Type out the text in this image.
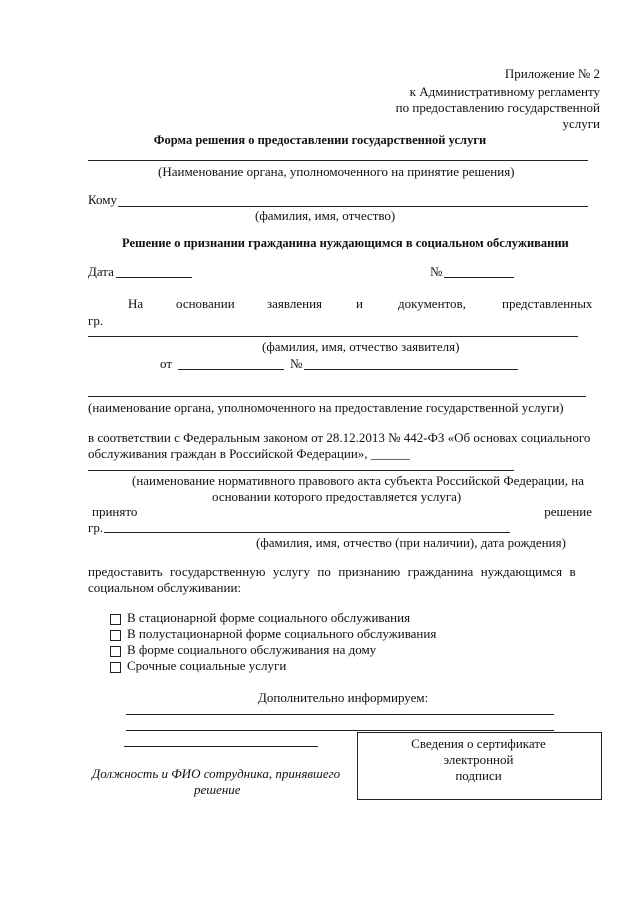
Приложение № 2
к Административному регламенту
по предоставлению государственной
услуги
Форма решения о предоставлении государственной услуги
(Наименование органа, уполномоченного на принятие решения)
Кому
(фамилия, имя, отчество)
Решение о признании гражданина нуждающимся в социальном обслуживании
Дата	№
На	основании заявления	и	документов,	представленных
гр.
(фамилия, имя, отчество заявителя)
от	№
(наименование органа, уполномоченного на предоставление государственной услуги)
в соответствии с Федеральным законом от 28.12.2013 № 442-ФЗ «Об основах социального
обслуживания граждан в Российской Федерации», ______
(наименование нормативного правового акта субъекта Российской Федерации, на
основании которого предоставляется услуга)
принято	решение
гр.
(фамилия, имя, отчество (при наличии), дата рождения)
предоставить государственную услугу по признанию гражданина нуждающимся в
социальном обслуживании:
В стационарной форме социального обслуживания
В полустационарной форме социального обслуживания
В форме социального обслуживания на дому
Срочные социальные услуги
Дополнительно информируем:
Должность и ФИО сотрудника, принявшего
решение
Сведения о сертификате
электронной
подписи
